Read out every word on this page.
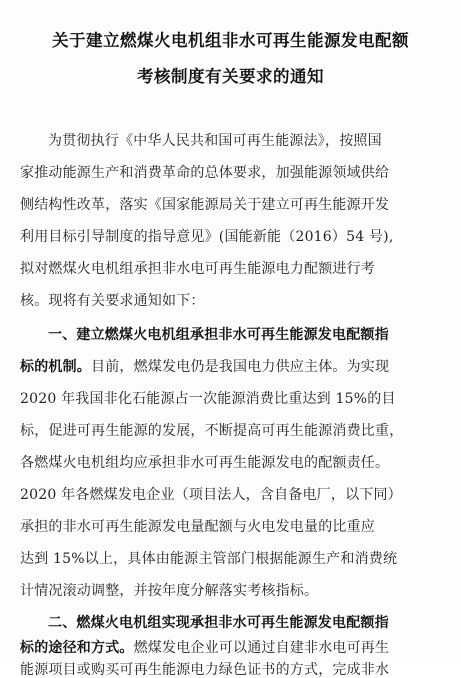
关于建立燃煤火电机组非水可再生能源发电配额
考核制度有关要求的通知
为贯彻执行《中华人民共和国可再生能源法》，按照国
家推动能源生产和消费革命的总体要求，加强能源领域供给
侧结构性改革，落实《国家能源局关于建立可再生能源开发
利用目标引导制度的指导意见》(国能新能（2016）54 号),
拟对燃煤火电机组承担非水电可再生能源电力配额进行考
核。现将有关要求通知如下：
一、建立燃煤火电机组承担非水可再生能源发电配额指
标的机制。目前，燃煤发电仍是我国电力供应主体。为实现
2020 年我国非化石能源占一次能源消费比重达到 15%的目
标，促进可再生能源的发展，不断提高可再生能源消费比重，
各燃煤火电机组均应承担非水可再生能源发电的配额责任。
2020 年各燃煤发电企业（项目法人，含自备电厂，以下同）
承担的非水可再生能源发电量配额与火电发电量的比重应
达到 15%以上，具体由能源主管部门根据能源生产和消费统
计情况滚动调整，并按年度分解落实考核指标。
二、燃煤火电机组实现承担非水可再生能源发电配额指
标的途径和方式。燃煤发电企业可以通过自建非水电可再生
能源项目或购买可再生能源电力绿色证书的方式，完成非水
